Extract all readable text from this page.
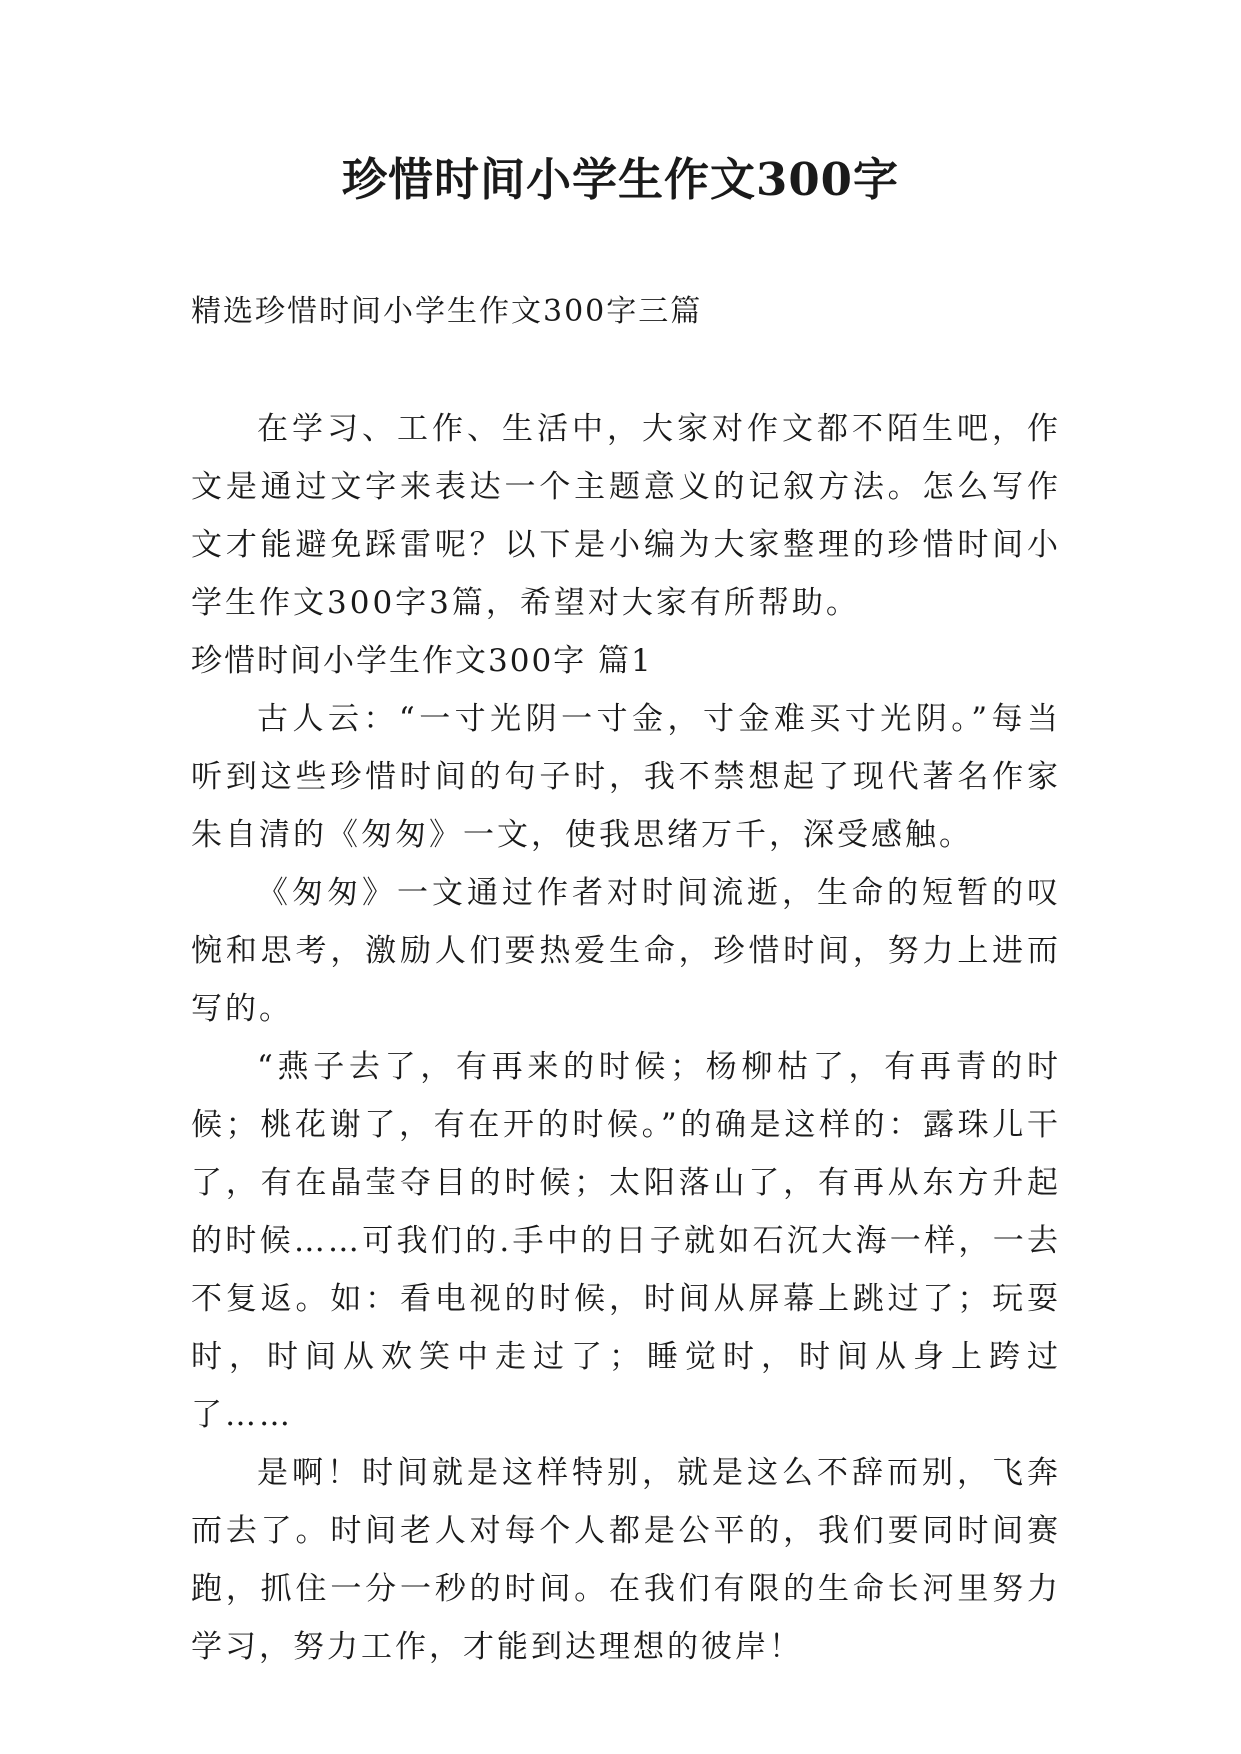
珍惜时间小学生作文300字

精选珍惜时间小学生作文300字三篇

在学习、工作、生活中，大家对作文都不陌生吧，作文是通过文字来表达一个主题意义的记叙方法。怎么写作文才能避免踩雷呢？以下是小编为大家整理的珍惜时间小学生作文300字3篇，希望对大家有所帮助。

珍惜时间小学生作文300字 篇1

古人云：“一寸光阴一寸金，寸金难买寸光阴。”每当听到这些珍惜时间的句子时，我不禁想起了现代著名作家朱自清的《匆匆》一文，使我思绪万千，深受感触。

《匆匆》一文通过作者对时间流逝，生命的短暂的叹惋和思考，激励人们要热爱生命，珍惜时间，努力上进而写的。

“燕子去了，有再来的时候；杨柳枯了，有再青的时候；桃花谢了，有在开的时候。”的确是这样的：露珠儿干了，有在晶莹夺目的时候；太阳落山了，有再从东方升起的时候……可我们的.手中的日子就如石沉大海一样，一去不复返。如：看电视的时候，时间从屏幕上跳过了；玩耍时，时间从欢笑中走过了；睡觉时，时间从身上跨过了……

是啊！时间就是这样特别，就是这么不辞而别，飞奔而去了。时间老人对每个人都是公平的，我们要同时间赛跑，抓住一分一秒的时间。在我们有限的生命长河里努力学习，努力工作，才能到达理想的彼岸！
